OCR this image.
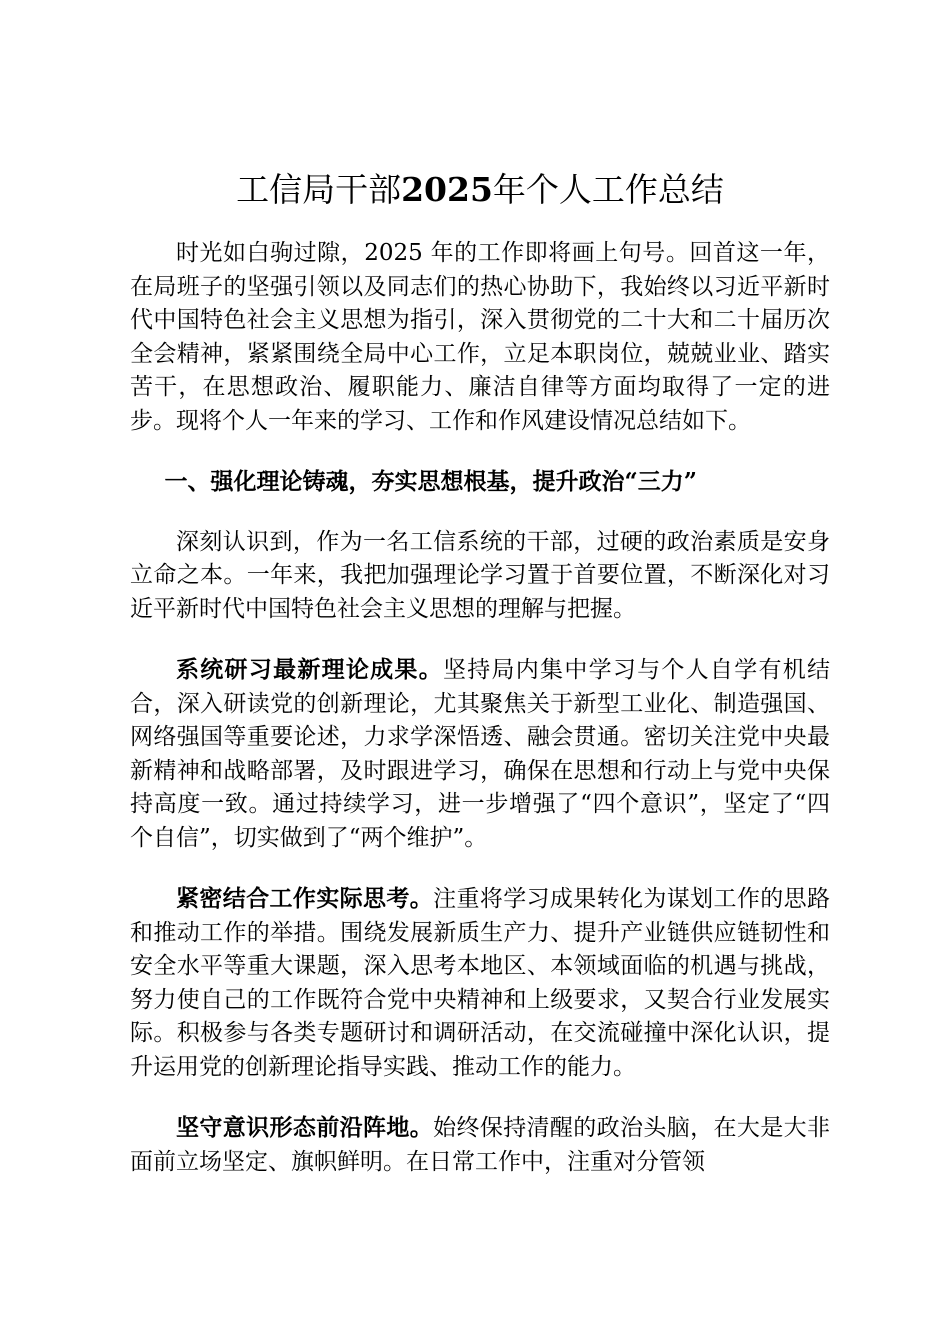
工信局干部2025年个人工作总结

时光如白驹过隙，2025 年的工作即将画上句号。回首这一年，在局班子的坚强引领以及同志们的热心协助下，我始终以习近平新时代中国特色社会主义思想为指引，深入贯彻党的二十大和二十届历次全会精神，紧紧围绕全局中心工作，立足本职岗位，兢兢业业、踏实苦干，在思想政治、履职能力、廉洁自律等方面均取得了一定的进步。现将个人一年来的学习、工作和作风建设情况总结如下。

一、强化理论铸魂，夯实思想根基，提升政治“三力”

深刻认识到，作为一名工信系统的干部，过硬的政治素质是安身立命之本。一年来，我把加强理论学习置于首要位置，不断深化对习近平新时代中国特色社会主义思想的理解与把握。

系统研习最新理论成果。坚持局内集中学习与个人自学有机结合，深入研读党的创新理论，尤其聚焦关于新型工业化、制造强国、网络强国等重要论述，力求学深悟透、融会贯通。密切关注党中央最新精神和战略部署，及时跟进学习，确保在思想和行动上与党中央保持高度一致。通过持续学习，进一步增强了“四个意识”，坚定了“四个自信”，切实做到了“两个维护”。

紧密结合工作实际思考。注重将学习成果转化为谋划工作的思路和推动工作的举措。围绕发展新质生产力、提升产业链供应链韧性和安全水平等重大课题，深入思考本地区、本领域面临的机遇与挑战，努力使自己的工作既符合党中央精神和上级要求，又契合行业发展实际。积极参与各类专题研讨和调研活动，在交流碰撞中深化认识，提升运用党的创新理论指导实践、推动工作的能力。

坚守意识形态前沿阵地。始终保持清醒的政治头脑，在大是大非面前立场坚定、旗帜鲜明。在日常工作中，注重对分管领
